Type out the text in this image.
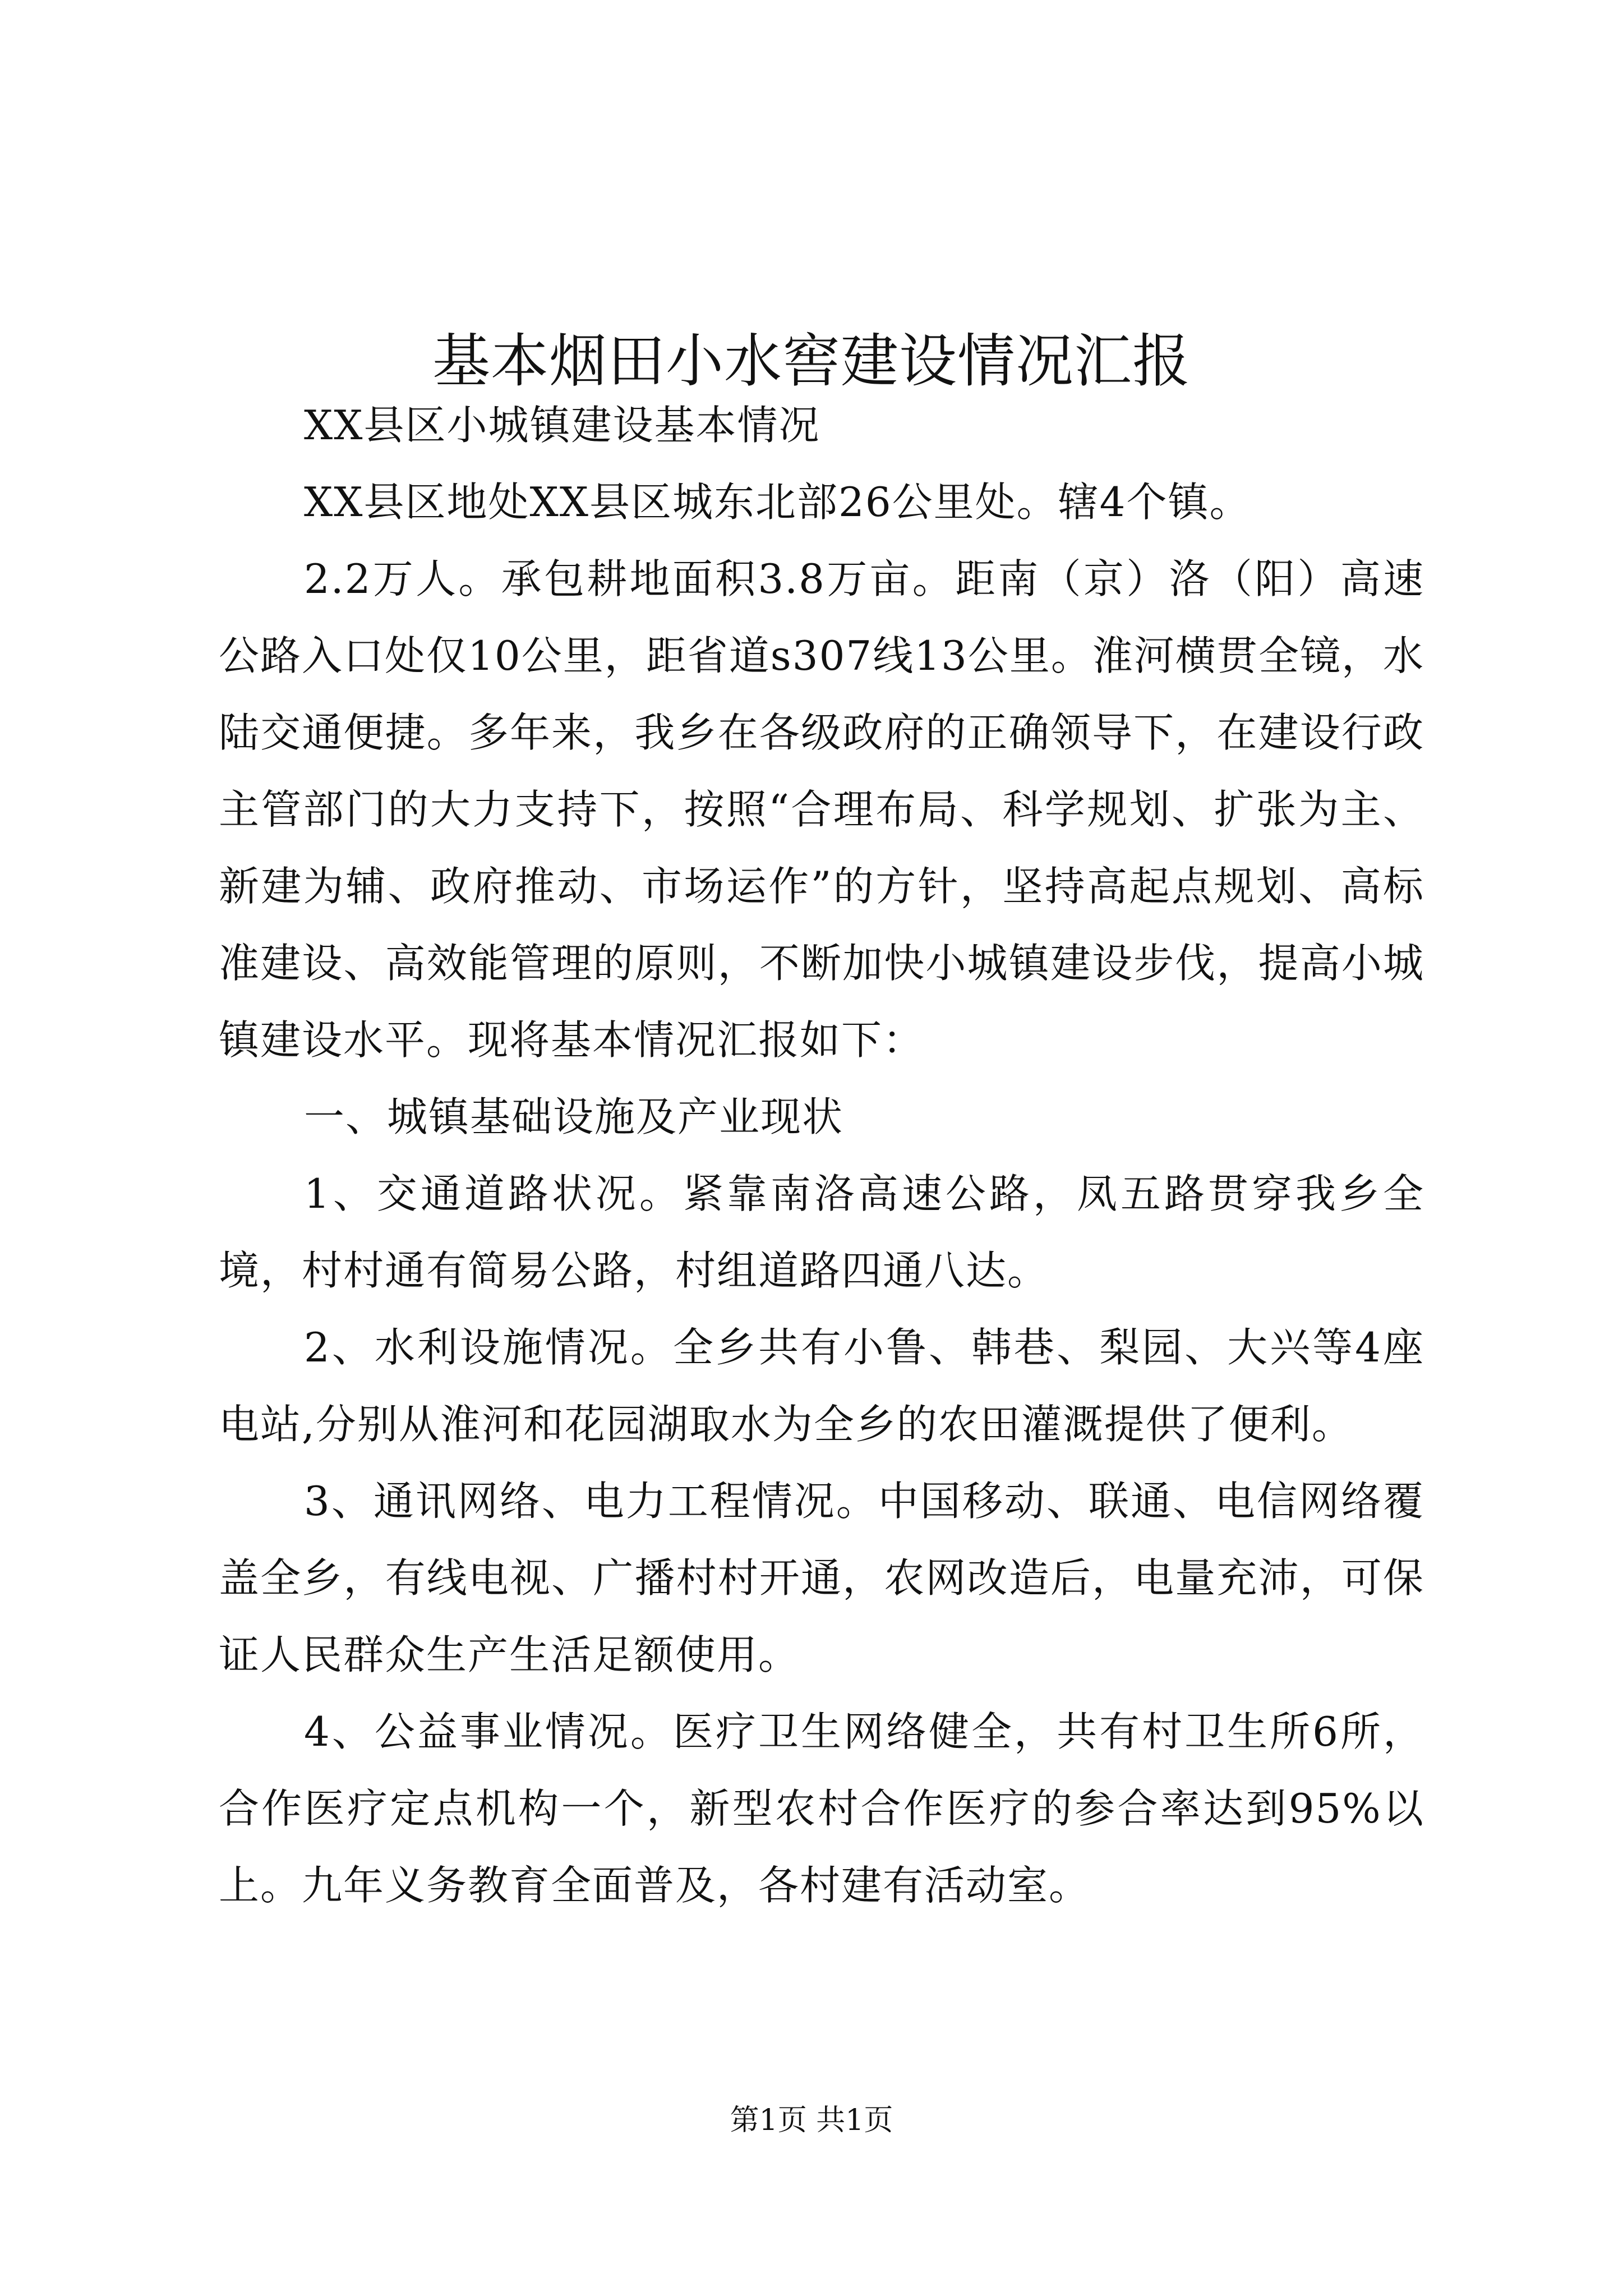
基本烟田小水窖建设情况汇报

XX县区小城镇建设基本情况

XX县区地处XX县区城东北部26公里处。辖4个镇。

2.2万人。承包耕地面积3.8万亩。距南（京）洛（阳）高速公路入口处仅10公里，距省道s307线13公里。淮河横贯全镜，水陆交通便捷。多年来，我乡在各级政府的正确领导下，在建设行政主管部门的大力支持下，按照“合理布局、科学规划、扩张为主、新建为辅、政府推动、市场运作”的方针，坚持高起点规划、高标准建设、高效能管理的原则，不断加快小城镇建设步伐，提高小城镇建设水平。现将基本情况汇报如下：

一、城镇基础设施及产业现状

1、交通道路状况。紧靠南洛高速公路，凤五路贯穿我乡全境，村村通有简易公路，村组道路四通八达。

2、水利设施情况。全乡共有小鲁、韩巷、梨园、大兴等4座电站,分别从淮河和花园湖取水为全乡的农田灌溉提供了便利。

3、通讯网络、电力工程情况。中国移动、联通、电信网络覆盖全乡，有线电视、广播村村开通，农网改造后，电量充沛，可保证人民群众生产生活足额使用。

4、公益事业情况。医疗卫生网络健全，共有村卫生所6所，合作医疗定点机构一个，新型农村合作医疗的参合率达到95%以上。九年义务教育全面普及，各村建有活动室。

第1页 共1页
